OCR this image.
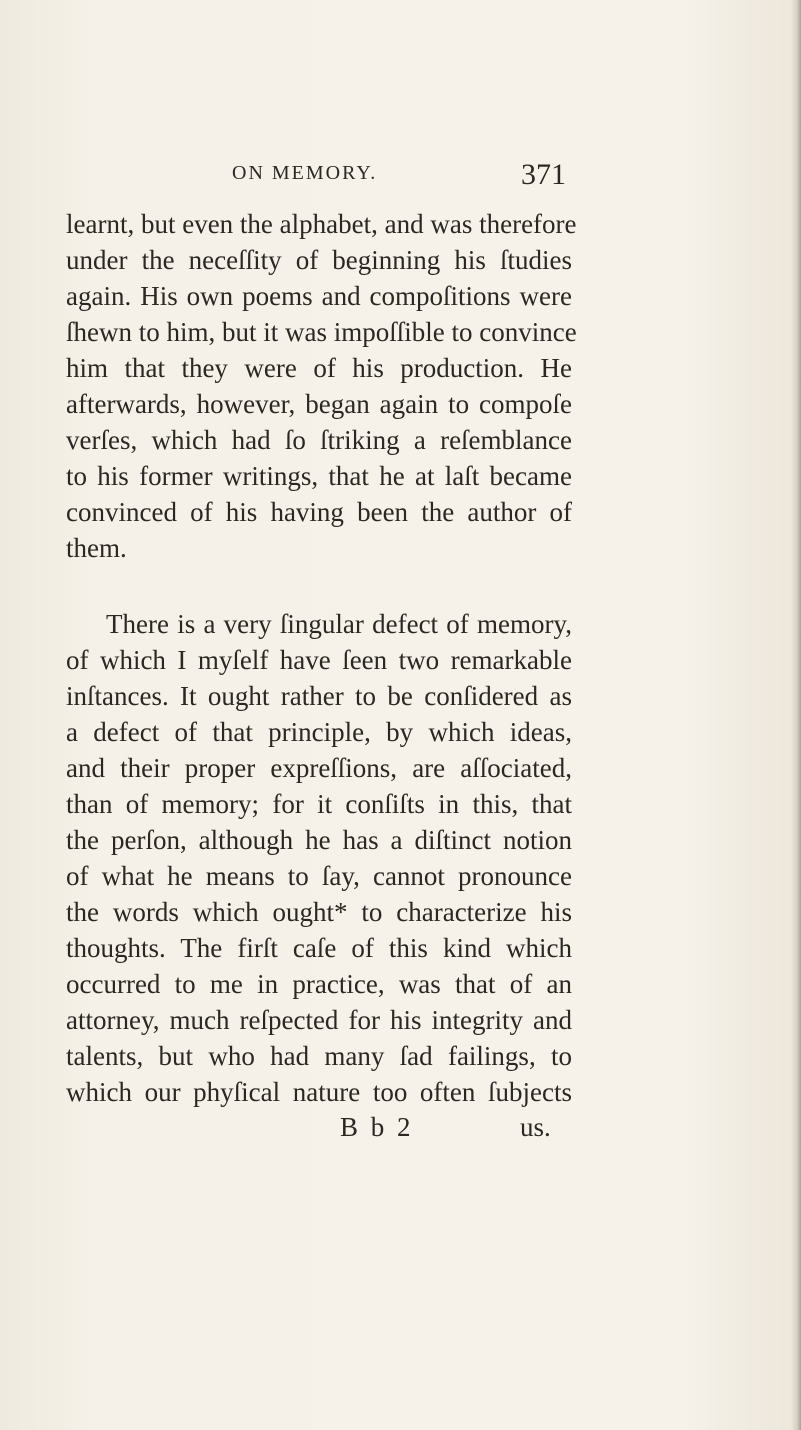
ON MEMORY.	371
learnt, but even the alphabet, and was therefore
under the neceſſity of beginning his ſtudies
again. His own poems and compoſitions were
ſhewn to him, but it was impoſſible to convince
him that they were of his production. He
afterwards, however, began again to compoſe
verſes, which had ſo ſtriking a reſemblance
to his former writings, that he at laſt became
convinced of his having been the author of
them.
There is a very ſingular defect of memory,
of which I myſelf have ſeen two remarkable
inſtances. It ought rather to be conſidered as
a defect of that principle, by which ideas,
and their proper expreſſions, are aſſociated,
than of memory; for it conſiſts in this, that
the perſon, although he has a diſtinct notion
of what he means to ſay, cannot pronounce
the words which ought* to characterize his
thoughts. The firſt caſe of this kind which
occurred to me in practice, was that of an
attorney, much reſpected for his integrity and
talents, but who had many ſad failings, to
which our phyſical nature too often ſubjects
B b 2	us.
